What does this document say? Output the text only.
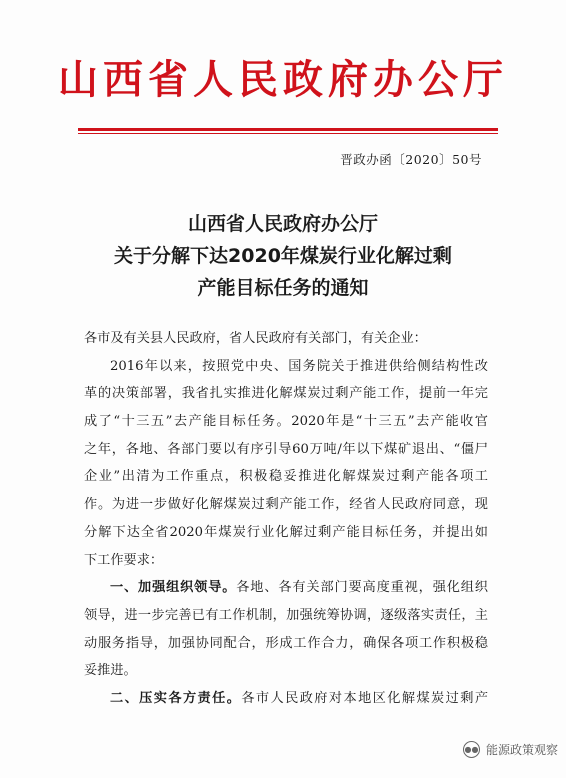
山西省人民政府办公厅
晋政办函〔2020〕50号
山西省人民政府办公厅
关于分解下达2020年煤炭行业化解过剩
产能目标任务的通知
各市及有关县人民政府，省人民政府有关部门，有关企业：
2016年以来，按照党中央、国务院关于推进供给侧结构性改
革的决策部署，我省扎实推进化解煤炭过剩产能工作，提前一年完
成了“十三五”去产能目标任务。2020年是“十三五”去产能收官
之年，各地、各部门要以有序引导60万吨/年以下煤矿退出、“僵尸
企业”出清为工作重点，积极稳妥推进化解煤炭过剩产能各项工
作。为进一步做好化解煤炭过剩产能工作，经省人民政府同意，现
分解下达全省2020年煤炭行业化解过剩产能目标任务，并提出如
下工作要求：
一、加强组织领导。各地、各有关部门要高度重视，强化组织
领导，进一步完善已有工作机制，加强统筹协调，逐级落实责任，主
动服务指导，加强协同配合，形成工作合力，确保各项工作积极稳
妥推进。
二、压实各方责任。各市人民政府对本地区化解煤炭过剩产
●● 能源政策观察
